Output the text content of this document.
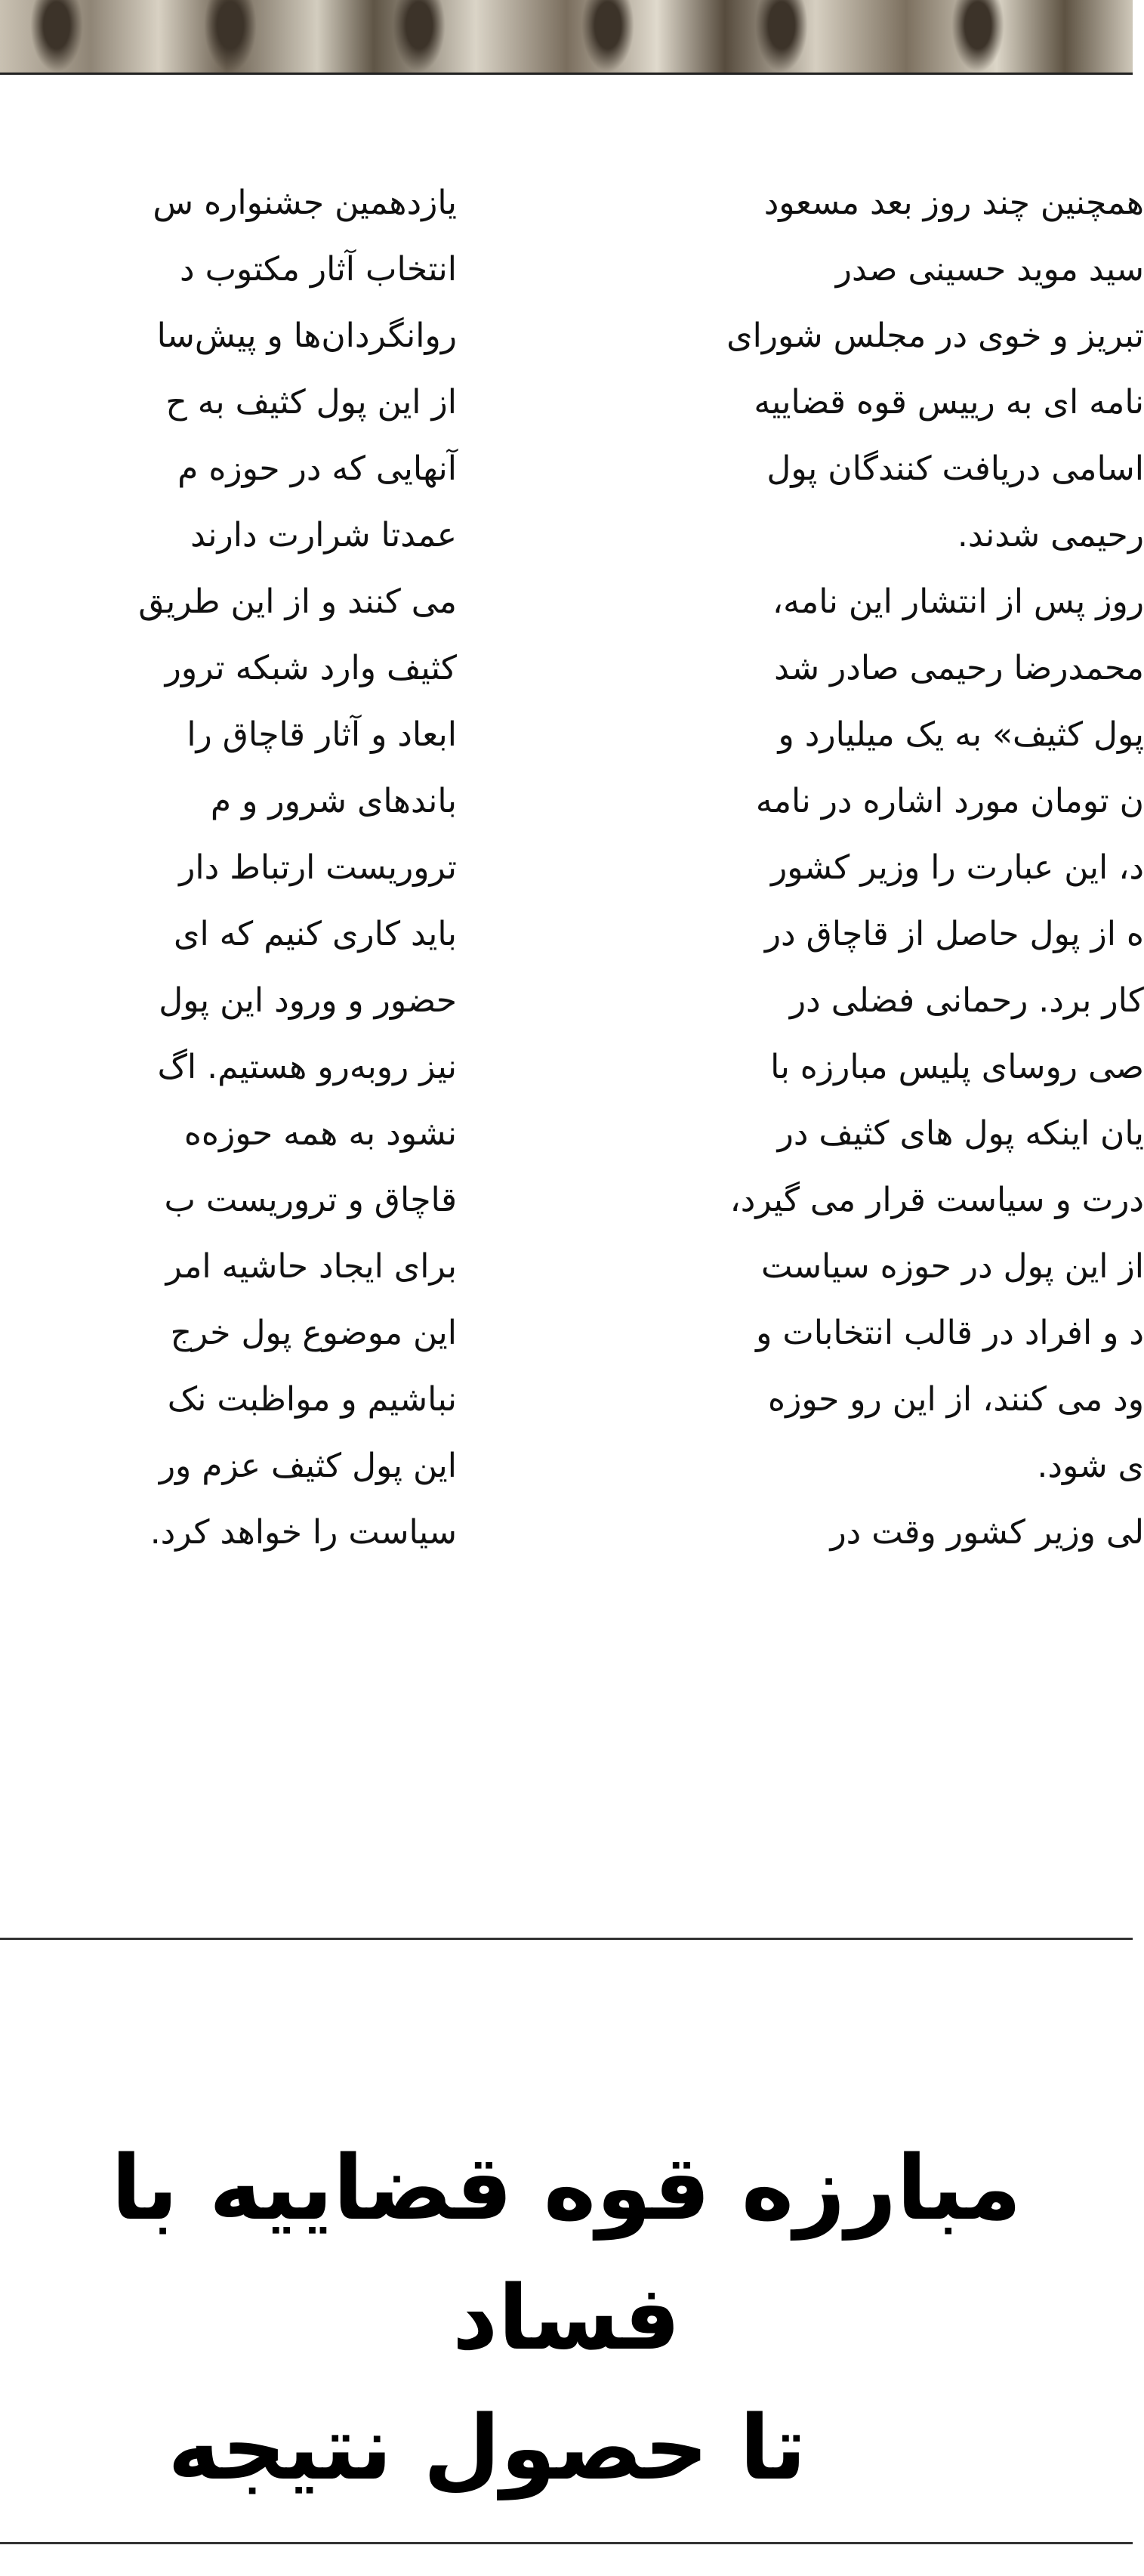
همچنین چند روز بعد مسعود
سید مويد حسینی صدر
تبریز و خوی در مجلس شورای
نامه ای به رییس قوه قضاییه
اسامی دریافت کنندگان پول
رحیمی شدند.
روز پس از انتشار این نامه،
محمدرضا رحیمی صادر شد
پول کثیف» به یک میلیارد و
ن تومان مورد اشاره در نامه
د، این عبارت را وزیر کشور
ه از پول حاصل از قاچاق در
کار برد. رحمانی فضلی در
صی روسای پلیس مبارزه با
یان اینکه پول های کثیف در
درت و سیاست قرار می گیرد،
از این پول در حوزه سیاست
د و افراد در قالب انتخابات و
ود می کنند، از این رو حوزه
ی شود.
لی وزیر کشور وقت در
یازدهمین جشنواره س
انتخاب آثار مکتوب د
روانگردان‌ها و پیش‌سا
از این پول کثیف به ح
آنهایی که در حوزه م
عمدتا شرارت دارند
می کنند و از این طریق
کثیف وارد شبکه ترور
ابعاد و آثار قاچاق را
باندهای شرور و م
تروریست ارتباط دار
باید کاری کنیم که ای
حضور و ورود این پول
نیز روبه‌رو هستیم. اگ
نشود به همه حوزه‌ه
قاچاق و تروریست ب
برای ایجاد حاشیه امر
این موضوع پول خرج
نباشیم و مواظبت نک
این پول کثیف عزم ور
سیاست را خواهد کرد.
مبارزه قوه قضاییه با فساد
تا حصول نتیجه
